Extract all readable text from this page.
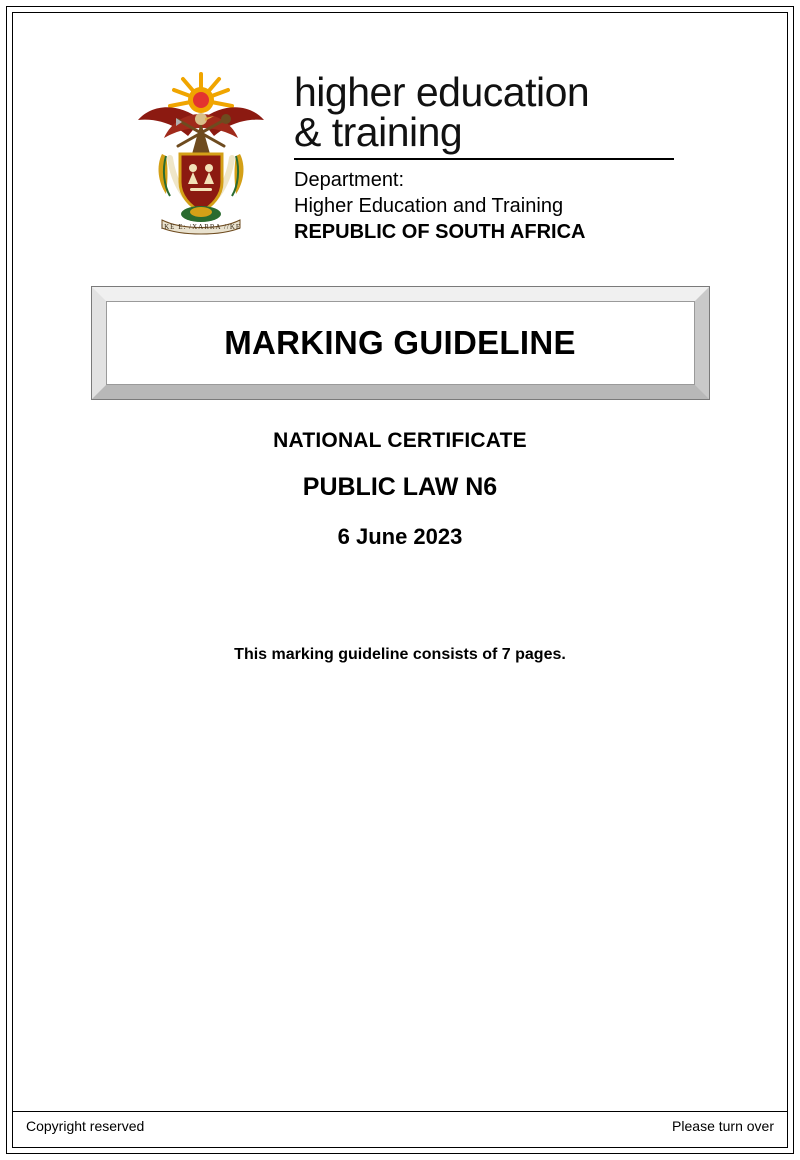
!KE E: /XARRA //KE
higher education
& training
Department:
Higher Education and Training
REPUBLIC OF SOUTH AFRICA
MARKING GUIDELINE
NATIONAL CERTIFICATE
PUBLIC LAW N6
6 June 2023
This marking guideline consists of 7 pages.
Copyright reserved	Please turn over
